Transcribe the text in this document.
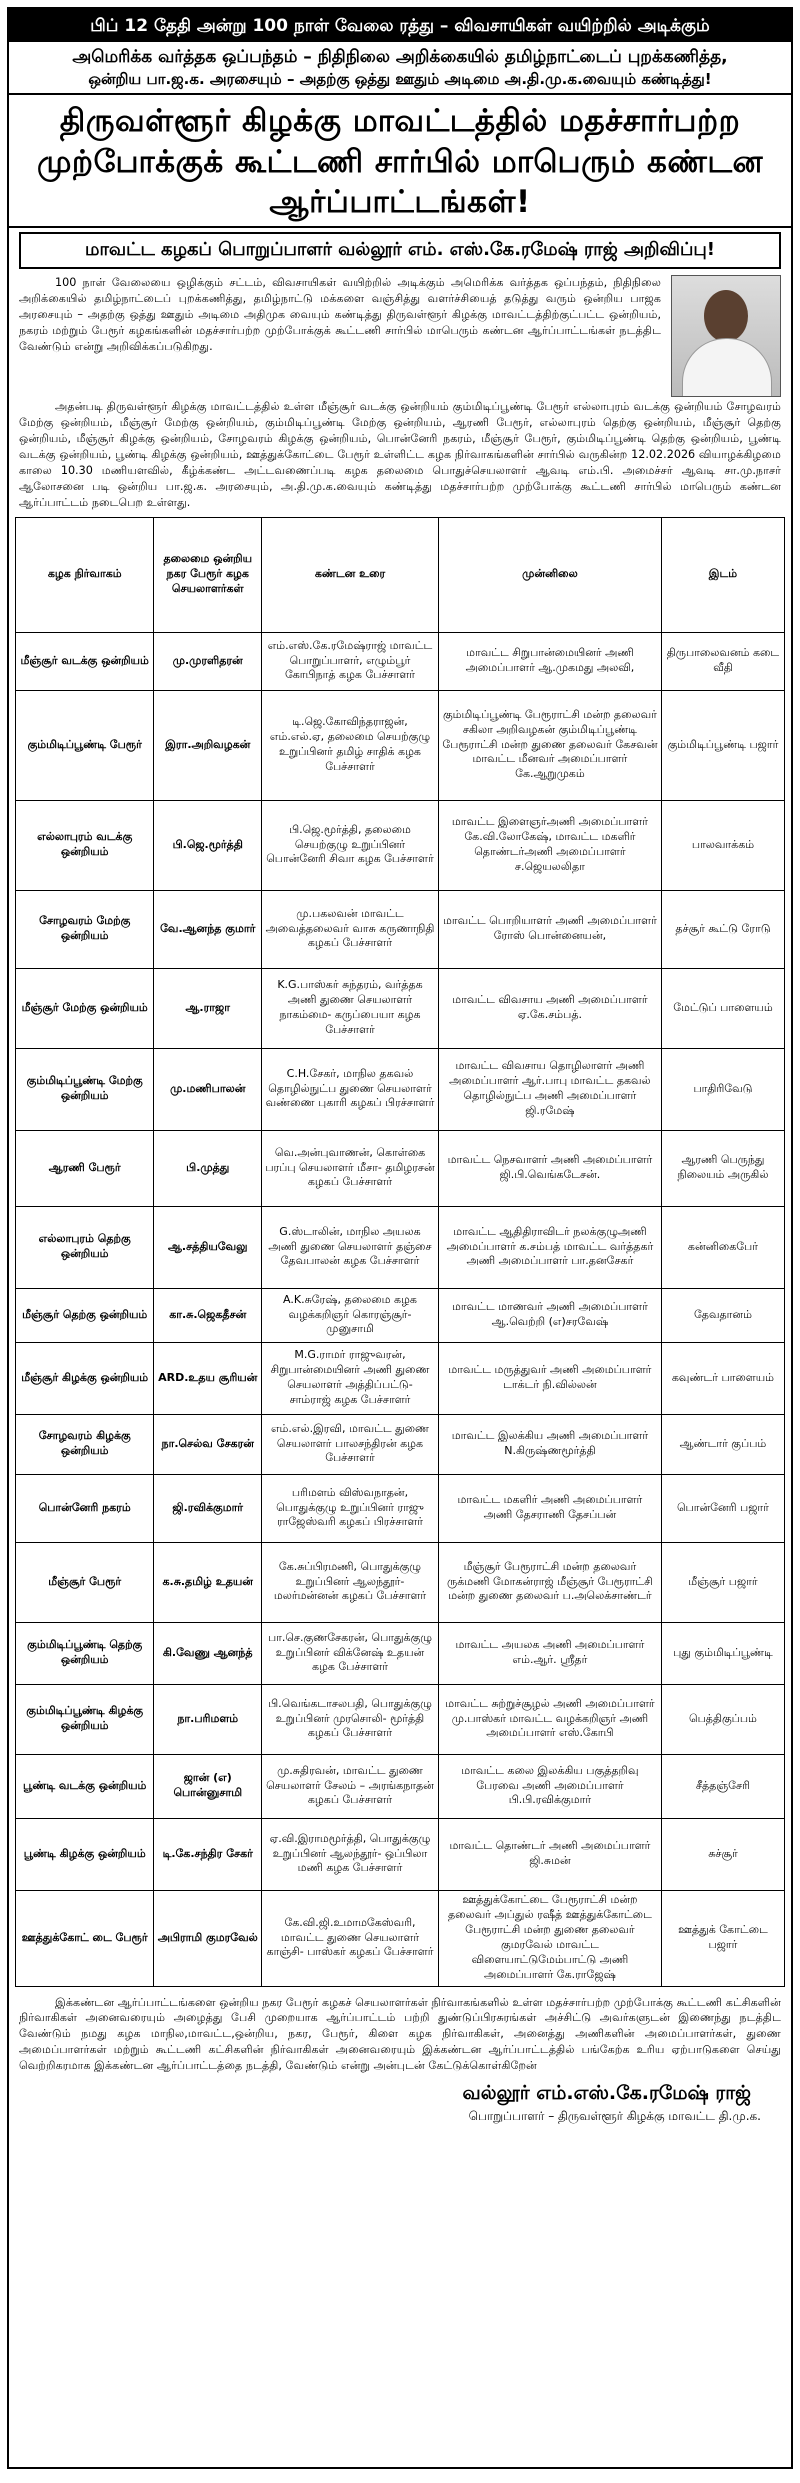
பிப் 12 தேதி அன்று 100 நாள் வேலை ரத்து – விவசாயிகள் வயிற்றில் அடிக்கும்
அமெரிக்க வர்த்தக ஒப்பந்தம் – நிதிநிலை அறிக்கையில் தமிழ்நாட்டைப் புறக்கணித்த,
ஒன்றிய பா.ஜ.க. அரசையும் – அதற்கு ஒத்து ஊதும் அடிமை அ.தி.மு.க.வையும் கண்டித்து!
திருவள்ளூர் கிழக்கு மாவட்டத்தில் மதச்சார்பற்ற முற்போக்குக் கூட்டணி சார்பில் மாபெரும் கண்டன ஆர்ப்பாட்டங்கள்!
மாவட்ட கழகப் பொறுப்பாளர் வல்லூர் எம். எஸ்.கே.ரமேஷ் ராஜ் அறிவிப்பு!
100 நாள் வேலையை ஒழிக்கும் சட்டம், விவசாயிகள் வயிற்றில் அடிக்கும் அமெரிக்க வர்த்தக ஒப்பந்தம், நிதிநிலை அறிக்கையில் தமிழ்நாட்டைப் புறக்கணித்து, தமிழ்நாட்டு மக்களை வஞ்சித்து வளர்ச்சியைத் தடுத்து வரும் ஒன்றிய பாஜக அரசையும் – அதற்கு ஒத்து ஊதும் அடிமை அதிமுக வையும் கண்டித்து திருவள்ளூர் கிழக்கு மாவட்டத்திற்குட்பட்ட ஒன்றியம், நகரம் மற்றும் பேரூர் கழகங்களின் மதச்சார்பற்ற முற்போக்குக் கூட்டணி சார்பில் மாபெரும் கண்டன ஆர்ப்பாட்டங்கள் நடத்திட வேண்டும் என்று அறிவிக்கப்படுகிறது.
அதன்படி திருவள்ளூர் கிழக்கு மாவட்டத்தில் உள்ள மீஞ்சூர் வடக்கு ஒன்றியம் கும்மிடிப்பூண்டி பேரூர் எல்லாபுரம் வடக்கு ஒன்றியம் சோழவரம் மேற்கு ஒன்றியம், மீஞ்சூர் மேற்கு ஒன்றியம், கும்மிடிப்பூண்டி மேற்கு ஒன்றியம், ஆரணி பேரூர், எல்லாபுரம் தெற்கு ஒன்றியம், மீஞ்சூர் தெற்கு ஒன்றியம், மீஞ்சூர் கிழக்கு ஒன்றியம், சோழவரம் கிழக்கு ஒன்றியம், பொன்னேரி நகரம், மீஞ்சூர் பேரூர், கும்மிடிப்பூண்டி தெற்கு ஒன்றியம், பூண்டி வடக்கு ஒன்றியம், பூண்டி கிழக்கு ஒன்றியம், ஊத்துக்கோட்டை பேரூர் உள்ளிட்ட கழக நிர்வாகங்களின் சார்பில் வருகின்ற 12.02.2026 வியாழக்கிழமை காலை 10.30 மணியளவில், கீழ்க்கண்ட அட்டவணைப்படி கழக தலைமை பொதுச்செயலாளர் ஆவடி எம்.பி. அமைச்சர் ஆவடி சா.மு.நாசர் ஆலோசனை படி ஒன்றிய பா.ஜ.க. அரசையும், அ.தி.மு.க.வையும் கண்டித்து மதச்சார்பற்ற முற்போக்கு கூட்டணி சார்பில் மாபெரும் கண்டன ஆர்ப்பாட்டம் நடைபெற உள்ளது.
கழக நிர்வாகம்	தலைமை ஒன்றிய நகர பேரூர் கழக செயலாளர்கள்	கண்டன உரை	முன்னிலை	இடம்
மீஞ்சூர் வடக்கு ஒன்றியம்	மு.முரளிதரன்	எம்.எஸ்.கே.ரமேஷ்ராஜ் மாவட்ட பொறுப்பாளர், எழும்பூர் கோபிநாத் கழக பேச்சாளர்	மாவட்ட சிறுபான்மையினர் அணி அமைப்பாளர் ஆ.முகமது அலவி,	திருபாலைவனம் கடை வீதி
கும்மிடிப்பூண்டி பேரூர்	இரா.அறிவழகன்	டி.ஜெ.கோவிந்தராஜன், எம்.எல்.ஏ, தலைமை செயற்குழு உறுப்பினர் தமிழ் சாதிக் கழக பேச்சாளர்	கும்மிடிப்பூண்டி பேரூராட்சி மன்ற தலைவர் சகிலா அறிவழகன் கும்மிடிப்பூண்டி பேரூராட்சி மன்ற துணை தலைவர் கேசவன் மாவட்ட மீனவர் அமைப்பாளர் கே.ஆறுமுகம்	கும்மிடிப்பூண்டி பஜார்
எல்லாபுரம் வடக்கு ஒன்றியம்	பி.ஜெ.மூர்த்தி	பி.ஜெ.மூர்த்தி, தலைமை செயற்குழு உறுப்பினர் பொன்னேரி சிவா கழக பேச்சாளர்	மாவட்ட இளைஞர்அணி அமைப்பாளர் கே.வி.லோகேஷ், மாவட்ட மகளிர் தொண்டர்அணி அமைப்பாளர் ச.ஜெயலலிதா	பாலவாக்கம்
சோழவரம் மேற்கு ஒன்றியம்	வே.ஆனந்த குமார்	மு.பகலவன் மாவட்ட அவைத்தலைவர் வாசு கருணாநிதி கழகப் பேச்சாளர்	மாவட்ட பொறியாளர் அணி அமைப்பாளர் ரோஸ் பொன்னையன்,	தச்சூர் கூட்டு ரோடு
மீஞ்சூர் மேற்கு ஒன்றியம்	ஆ.ராஜா	K.G.பாஸ்கர் சுந்தரம், வர்த்தக அணி துணை செயலாளர் நாகம்மை- கருப்பையா கழக பேச்சாளர்	மாவட்ட விவசாய அணி அமைப்பாளர் ஏ.கே.சம்பத்.	மேட்டுப் பாளையம்
கும்மிடிப்பூண்டி மேற்கு ஒன்றியம்	மு.மணிபாலன்	C.H.சேகர், மாநில தகவல் தொழில்நுட்ப துணை செயலாளர் வண்ணை புகாரி கழகப் பிரச்சாளர்	மாவட்ட விவசாய தொழிலாளர் அணி அமைப்பாளர் ஆர்.பாபு மாவட்ட தகவல் தொழில்நுட்ப அணி அமைப்பாளர் ஜி.ரமேஷ்	பாதிரிவேடு
ஆரணி பேரூர்	பி.முத்து	வெ.அன்புவாணன், கொள்கை பரப்பு செயலாளர் மீசா- தமிழரசன் கழகப் பேச்சாளர்	மாவட்ட நெசவாளர் அணி அமைப்பாளர் ஜி.பி.வெங்கடேசன்.	ஆரணி பெருந்து நிலையம் அருகில்
எல்லாபுரம் தெற்கு ஒன்றியம்	ஆ.சத்தியவேலு	G.ஸ்டாலின், மாநில அயலக அணி துணை செயலாளர் தஞ்சை தேவபாலன் கழக பேச்சாளர்	மாவட்ட ஆதிதிராவிடர் நலக்குழுஅணி அமைப்பாளர் க.சம்பத் மாவட்ட வர்த்தகர் அணி அமைப்பாளர் பா.தனசேகர்	கன்னிகைபேர்
மீஞ்சூர் தெற்கு ஒன்றியம்	கா.சு.ஜெகதீசன்	A.K.சுரேஷ், தலைமை கழக வழக்கறிஞர் கொரஞ்சூர்- முனுசாமி	மாவட்ட மாணவர் அணி அமைப்பாளர் ஆ.வெற்றி (எ)சரவேஷ்	தேவதானம்
மீஞ்சூர் கிழக்கு ஒன்றியம்	ARD.உதய சூரியன்	M.G.ராமர் ராஜுவரன், சிறுபான்மையினர் அணி துணை செயலாளர் அத்திப்பட்டு- சாம்ராஜ் கழக பேச்சாளர்	மாவட்ட மருத்துவர் அணி அமைப்பாளர் டாக்டர் நி.வில்லன்	கவுண்டர் பாளையம்
சோழவரம் கிழக்கு ஒன்றியம்	நா.செல்வ சேகரன்	எம்.எல்.இரவி, மாவட்ட துணை செயலாளர் பாலசந்திரன் கழக பேச்சாளர்	மாவட்ட இலக்கிய அணி அமைப்பாளர் N.கிருஷ்ணமூர்த்தி	ஆண்டார் குப்பம்
பொன்னேரி நகரம்	ஜி.ரவிக்குமார்	பரிமளம் விஸ்வநாதன், பொதுக்குழு உறுப்பினர் ராஜு ராஜேஸ்வரி கழகப் பிரச்சாளர்	மாவட்ட மகளிர் அணி அமைப்பாளர் அணி தேசராணி தேசப்பன்	பொன்னேரி பஜார்
மீஞ்சூர் பேரூர்	க.சு.தமிழ் உதயன்	கே.சுப்பிரமணி, பொதுக்குழு உறுப்பினர் ஆலந்தூர்- மலர்மன்னன் கழகப் பேச்சாளர்	மீஞ்சூர் பேரூராட்சி மன்ற தலைவர் ருக்மணி மோகன்ராஜ் மீஞ்சூர் பேரூராட்சி மன்ற துணை தலைவர் ப.அலெக்சாண்டர்	மீஞ்சூர் பஜார்
கும்மிடிப்பூண்டி தெற்கு ஒன்றியம்	கி.வேணு ஆனந்த்	பா.செ.குணசேகரன், பொதுக்குழு உறுப்பினர் விக்னேஷ் உதயன் கழக பேச்சாளர்	மாவட்ட அயலக அணி அமைப்பாளர் எம்.ஆர். ஸ்ரீதர்	புது கும்மிடிப்பூண்டி
கும்மிடிப்பூண்டி கிழக்கு ஒன்றியம்	நா.பரிமளம்	பி.வெங்கடாசலபதி, பொதுக்குழு உறுப்பினர் முரசொலி- மூர்த்தி கழகப் பேச்சாளர்	மாவட்ட சுற்றுச்சூழல் அணி அமைப்பாளர் மு.பாஸ்கர் மாவட்ட வழக்கறிஞர் அணி அமைப்பாளர் எஸ்.கோபி	பெத்திகுப்பம்
பூண்டி வடக்கு ஒன்றியம்	ஜான் (எ) பொன்னுசாமி	மு.சுதிரவன், மாவட்ட துணை செயலாளர் சேலம் – அரங்கநாதன் கழகப் பேச்சாளர்	மாவட்ட கலை இலக்கிய பகுத்தறிவு பேரவை அணி அமைப்பாளர் பி.பி.ரவிக்குமார்	சீத்தஞ்சேரி
பூண்டி கிழக்கு ஒன்றியம்	டி.கே.சந்திர சேகர்	ஏ.வி.இராமமூர்த்தி, பொதுக்குழு உறுப்பினர் ஆலந்தூர்- ஒப்பிலா மணி கழக பேச்சாளர்	மாவட்ட தொண்டர் அணி அமைப்பாளர் ஜி.சுமன்	சுச்சூர்
ஊத்துக்கோட் டை பேரூர்	அபிராமி குமரவேல்	கே.வி.ஜி.உமாமகேஸ்வரி, மாவட்ட துணை செயலாளர் காஞ்சி- பாஸ்கர் கழகப் பேச்சாளர்	ஊத்துக்கோட்டை பேரூராட்சி மன்ற தலைவர் அப்துல் ரஷீத் ஊத்துக்கோட்டை பேரூராட்சி மன்ற துணை தலைவர் குமரவேல் மாவட்ட விளையாட்டுமேம்பாட்டு அணி அமைப்பாளர் கே.ராஜேஷ்	ஊத்துக் கோட்டை பஜார்
இக்கண்டன ஆர்ப்பாட்டங்களை ஒன்றிய நகர பேரூர் கழகச் செயலாளர்கள் நிர்வாகங்களில் உள்ள மதச்சார்பற்ற முற்போக்கு கூட்டணி கட்சிகளின் நிர்வாகிகள் அனைவரையும் அழைத்து பேசி முறையாக ஆர்ப்பாட்டம் பற்றி துண்டுப்பிரசுரங்கள் அச்சிட்டு அவர்களுடன் இணைந்து நடத்திட வேண்டும் நமது கழக மாநில,மாவட்ட,ஒன்றிய, நகர, பேரூர், கிளை கழக நிர்வாகிகள், அனைத்து அணிகளின் அமைப்பாளர்கள், துணை அமைப்பாளர்கள் மற்றும் கூட்டணி கட்சிகளின் நிர்வாகிகள் அனைவரையும் இக்கண்டன ஆர்ப்பாட்டத்தில் பங்கேற்க உரிய ஏற்பாடுகளை செய்து வெற்றிகரமாக இக்கண்டன ஆர்ப்பாட்டத்தை நடத்தி, வேண்டும் என்று அன்புடன் கேட்டுக்கொள்கிறேன்
வல்லூர் எம்.எஸ்.கே.ரமேஷ் ராஜ்
பொறுப்பாளர் – திருவள்ளூர் கிழக்கு மாவட்ட தி.மு.க.
